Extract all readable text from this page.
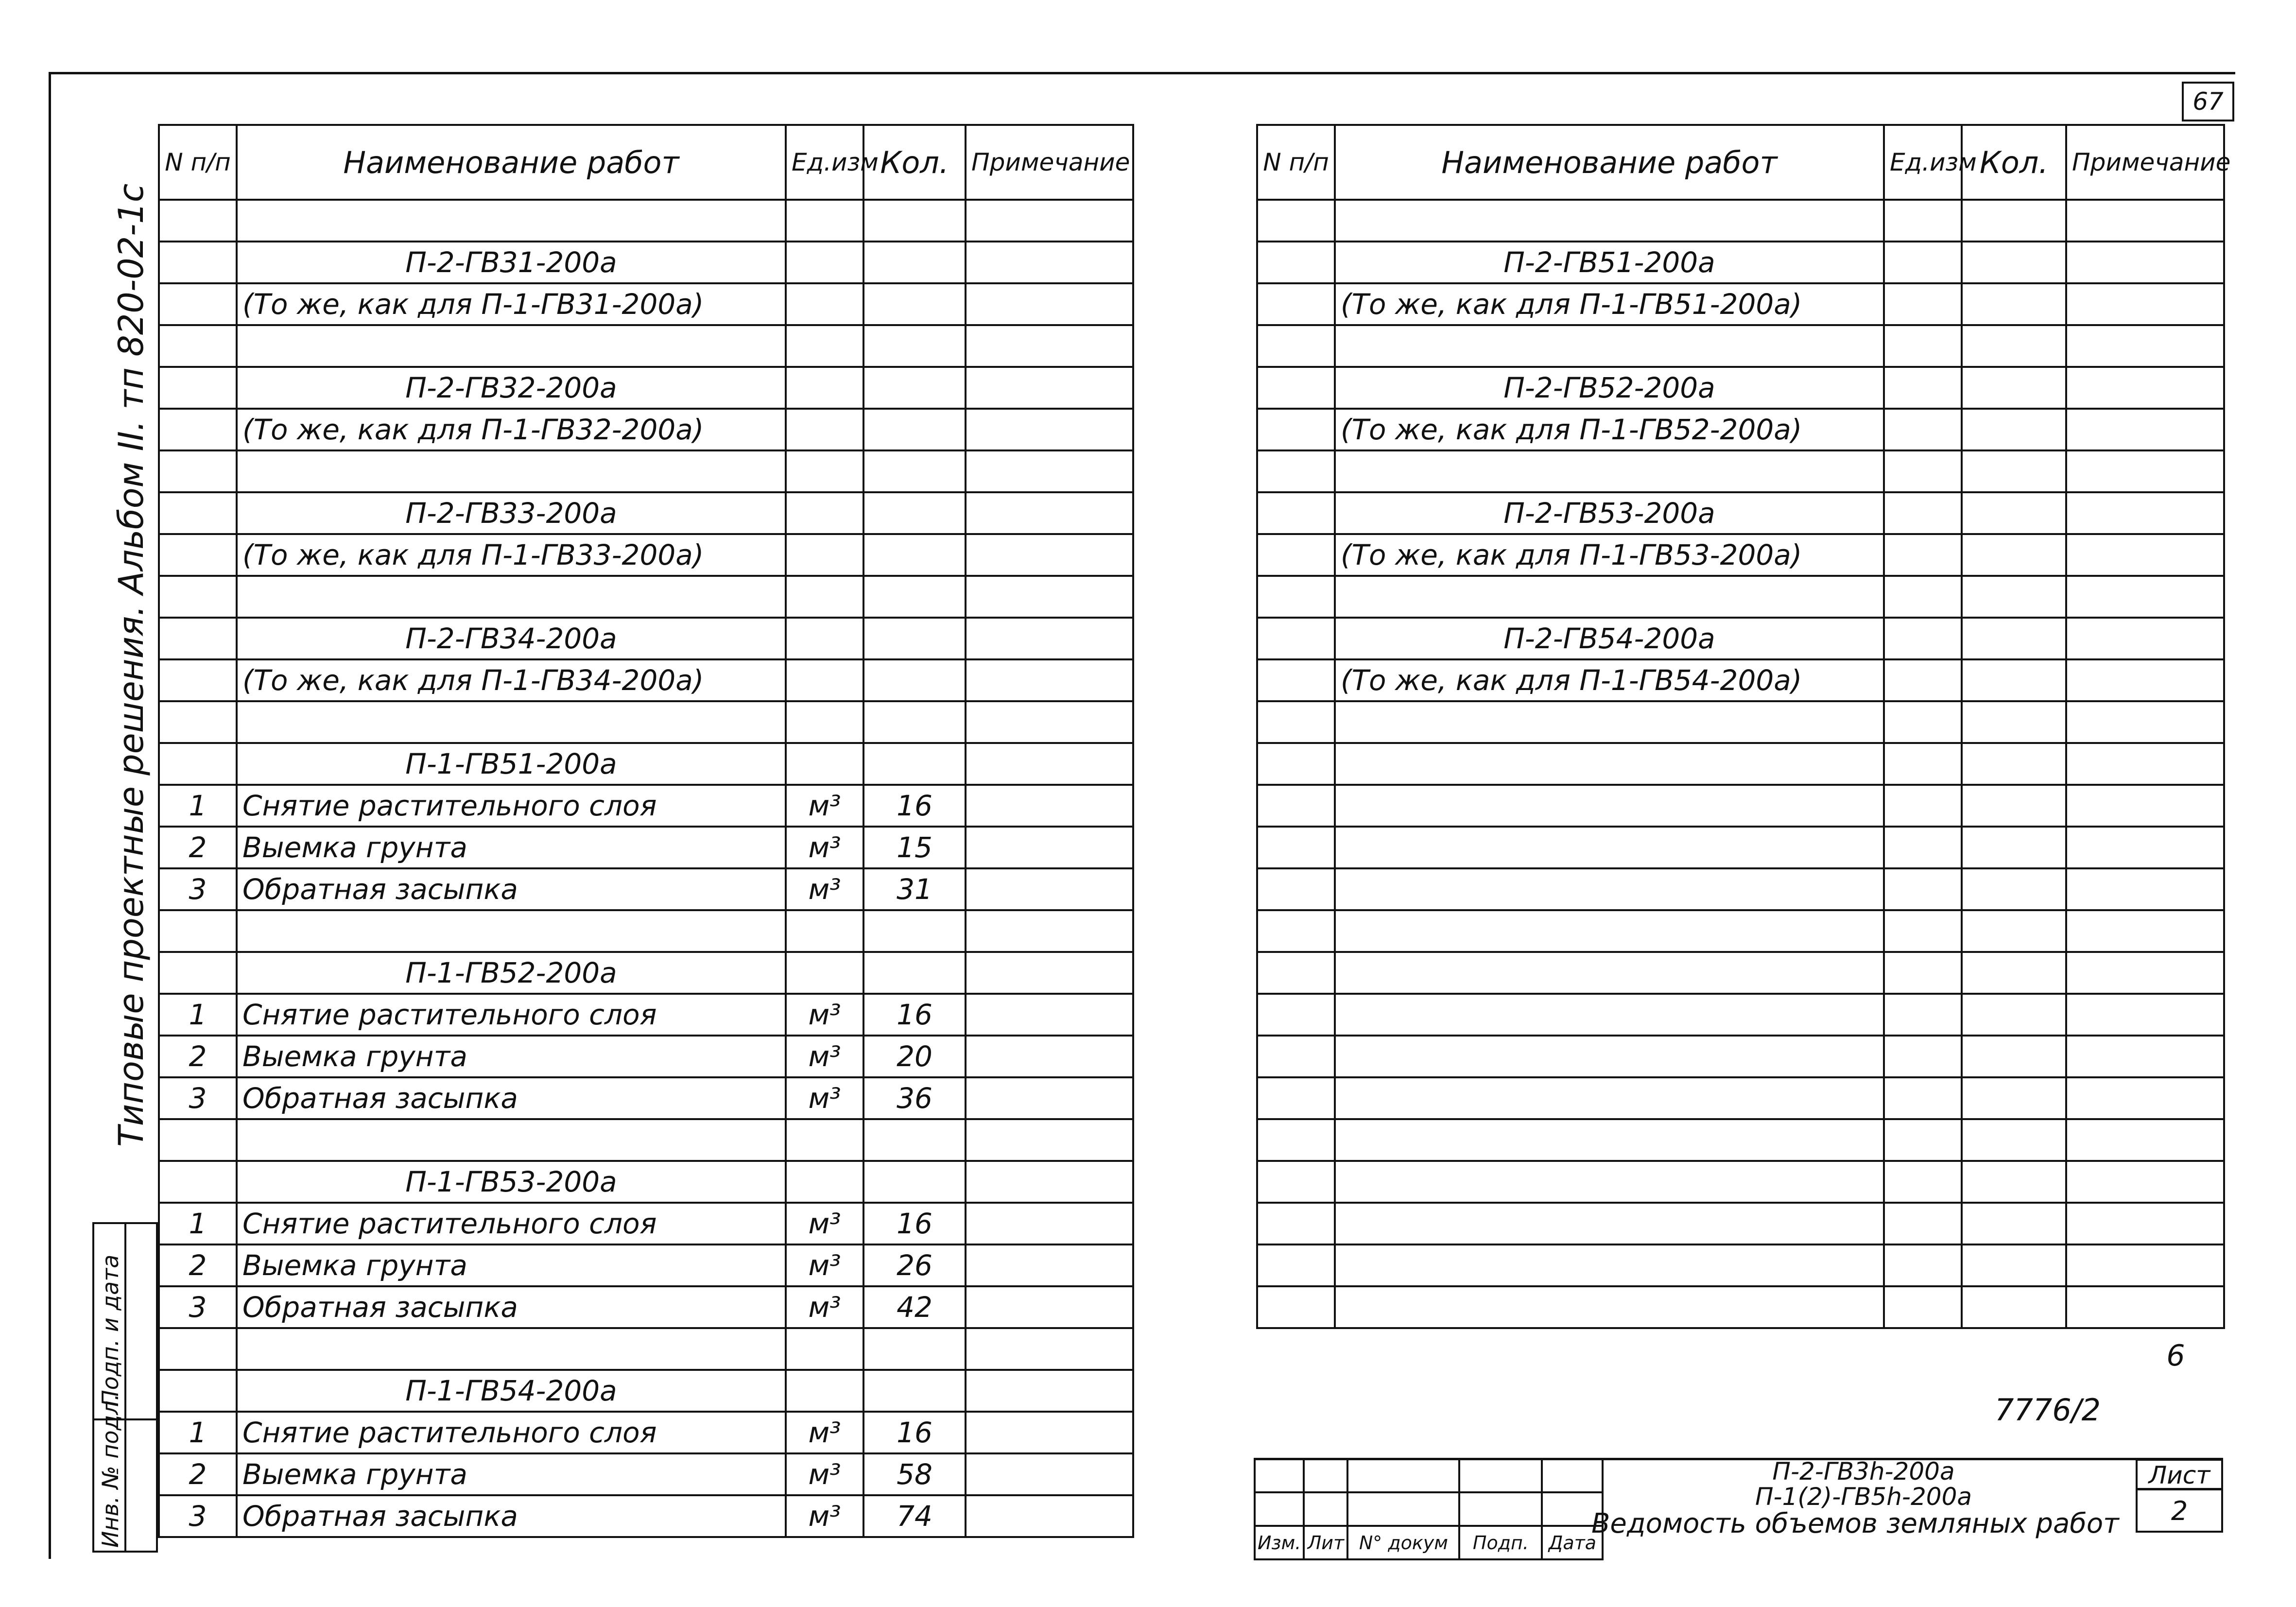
67
Типовые проектные решения. Альбом II. тп 820-02-1с
Подп. и дата
Инв. № подл.
N п/п	Наименование работ	Ед.изм	Кол.	Примечание

	П-2-ГВ31-200а			
	(То же, как для П-1-ГВ31-200а)			

	П-2-ГВ32-200а			
	(То же, как для П-1-ГВ32-200а)			

	П-2-ГВ33-200а			
	(То же, как для П-1-ГВ33-200а)			

	П-2-ГВ34-200а			
	(То же, как для П-1-ГВ34-200а)			

	П-1-ГВ51-200а			
1	Снятие растительного слоя	м³	16	
2	Выемка грунта	м³	15	
3	Обратная засыпка	м³	31	

	П-1-ГВ52-200а			
1	Снятие растительного слоя	м³	16	
2	Выемка грунта	м³	20	
3	Обратная засыпка	м³	36	

	П-1-ГВ53-200а			
1	Снятие растительного слоя	м³	16	
2	Выемка грунта	м³	26	
3	Обратная засыпка	м³	42	

	П-1-ГВ54-200а			
1	Снятие растительного слоя	м³	16	
2	Выемка грунта	м³	58	
3	Обратная засыпка	м³	74	
N п/п	Наименование работ	Ед.изм	Кол.	Примечание

	П-2-ГВ51-200а			
	(То же, как для П-1-ГВ51-200а)			

	П-2-ГВ52-200а			
	(То же, как для П-1-ГВ52-200а)			

	П-2-ГВ53-200а			
	(То же, как для П-1-ГВ53-200а)			

	П-2-ГВ54-200а			
	(То же, как для П-1-ГВ54-200а)			

6
7776/2

Изм.	Лит	N° докум	Подп.	Дата
П-2-ГВ3h-200а
П-1(2)-ГВ5h-200а
Ведомость объемов земляных работ
Лист
2
